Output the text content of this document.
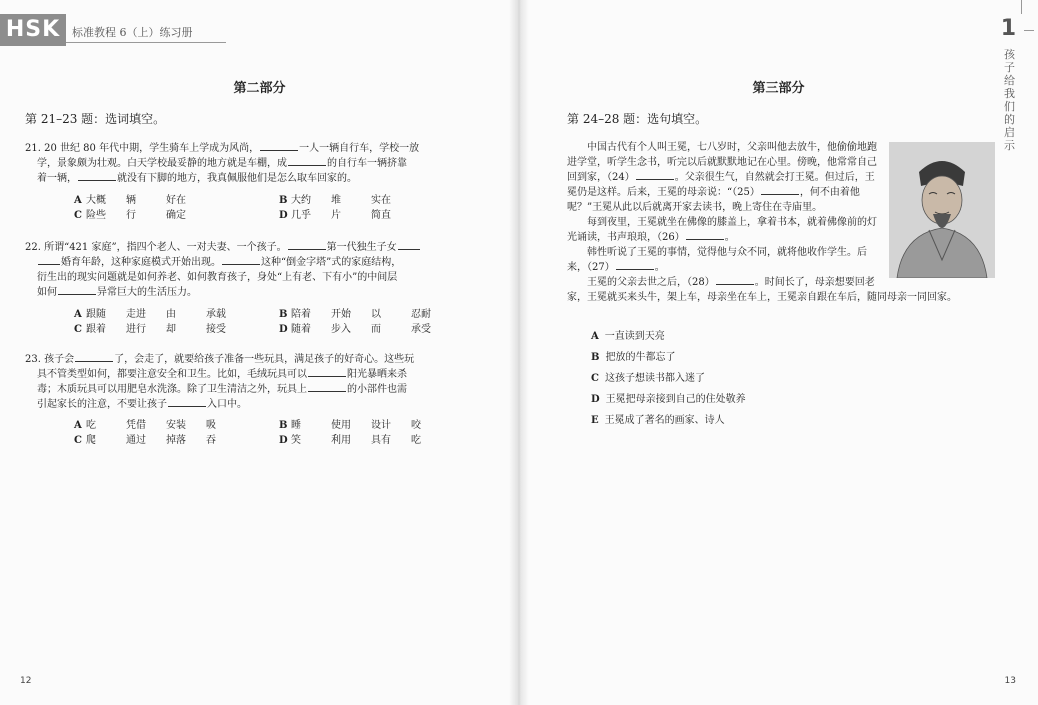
HSK	标准教程 6（上）练习册
第二部分
第 21–23 题：选词填空。

21. 20 世纪 80 年代中期，学生骑车上学成为风尚，	一人一辆自行车，学校一放

学，景象颇为壮观。白天学校最妥静的地方就是车棚，成	的自行车一辆挤靠

着一辆，	就没有下脚的地方，我真佩服他们是怎么取车回家的。

A 大概	辆	好在	B 大约	堆	实在
C 险些	行	确定	D 几乎	片	简直

22. 所谓“421 家庭”，指四个老人、一对夫妻、一个孩子。	第一代独生子女

婚育年龄，这种家庭模式开始出现。	这种“倒金字塔”式的家庭结构，

衍生出的现实问题就是如何养老、如何教育孩子，身处“上有老、下有小”的中间层

如何	异常巨大的生活压力。

A 跟随	走进	由	承载	B 陪着	开始	以	忍耐
C 跟着	进行	却	接受	D 随着	步入	而	承受

23. 孩子会	了，会走了，就要给孩子准备一些玩具，满足孩子的好奇心。这些玩

具不管类型如何，都要注意安全和卫生。比如，毛绒玩具可以	阳光暴晒来杀

毒；木质玩具可以用肥皂水洗涤。除了卫生清洁之外，玩具上	的小部件也需

引起家长的注意，不要让孩子	入口中。

A 吃	凭借	安装	吸	B 睡	使用	设计	咬
C 爬	通过	掉落	吞	D 笑	利用	具有	吃
12
1
孩子给我们的启示
第三部分
第 24–28 题：选句填空。

中国古代有个人叫王冕，七八岁时，父亲叫他去放牛，他偷偷地跑进学堂，听学生念书，听完以后就默默地记在心里。傍晚，他常常自己回到家，（24）	。父亲很生气，自然就会打王冕。但过后，王冕仍是这样。后来，王冕的母亲说：“（25）	，何不由着他呢？”王冕从此以后就离开家去读书，晚上寄住在寺庙里。

每到夜里，王冕就坐在佛像的膝盖上，拿着书本，就着佛像前的灯光诵读，书声琅琅，（26）	。

韩性听说了王冕的事情，觉得他与众不同，就将他收作学生。后来，（27）	。

王冕的父亲去世之后，（28）	。时间长了，母亲想要回老家，王冕就买来头牛，架上车，母亲坐在车上，王冕亲自跟在车后，随同母亲一同回家。

A 一直读到天亮
B 把放的牛都忘了
C 这孩子想读书都入迷了
D 王冕把母亲接到自己的住处敬养
E 王冕成了著名的画家、诗人
13
